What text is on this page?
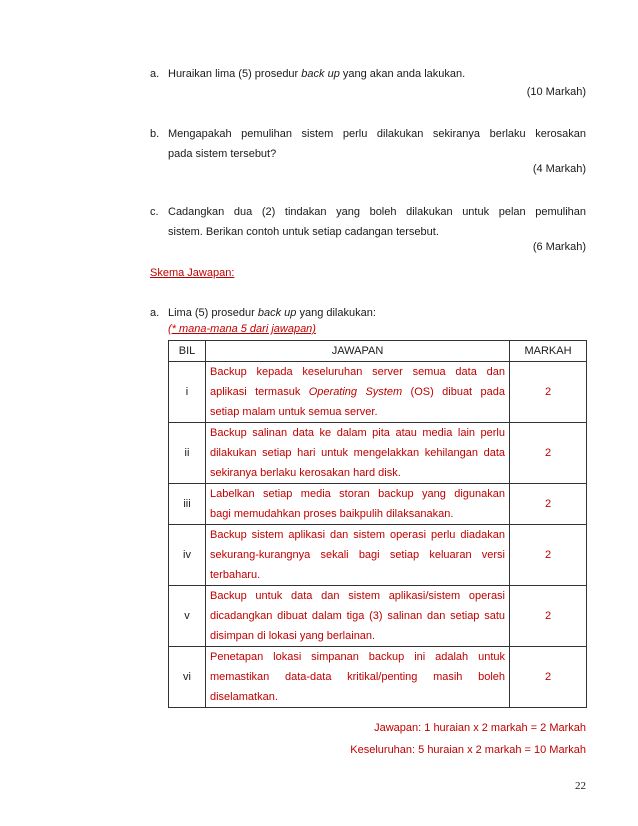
a. Huraikan lima (5) prosedur back up yang akan anda lakukan.
(10 Markah)
b. Mengapakah pemulihan sistem perlu dilakukan sekiranya berlaku kerosakan
pada sistem tersebut?
(4 Markah)
c. Cadangkan dua (2) tindakan yang boleh dilakukan untuk pelan pemulihan
sistem. Berikan contoh untuk setiap cadangan tersebut.
(6 Markah)
Skema Jawapan:
a. Lima (5) prosedur back up yang dilakukan:
(* mana-mana 5 dari jawapan)
BIL	JAWAPAN	MARKAH
i	Backup kepada keseluruhan server semua data dan
aplikasi termasuk Operating System (OS) dibuat pada
setiap malam untuk semua server.	2
ii	Backup salinan data ke dalam pita atau media lain perlu
dilakukan setiap hari untuk mengelakkan kehilangan data
sekiranya berlaku kerosakan hard disk.	2
iii	Labelkan setiap media storan backup yang digunakan
bagi memudahkan proses baikpulih dilaksanakan.	2
iv	Backup sistem aplikasi dan sistem operasi perlu diadakan
sekurang-kurangnya sekali bagi setiap keluaran versi
terbaharu.	2
v	Backup untuk data dan sistem aplikasi/sistem operasi
dicadangkan dibuat dalam tiga (3) salinan dan setiap satu
disimpan di lokasi yang berlainan.	2
vi	Penetapan lokasi simpanan backup ini adalah untuk
memastikan data-data kritikal/penting masih boleh
diselamatkan.	2
Jawapan: 1 huraian x 2 markah = 2 Markah
Keseluruhan: 5 huraian x 2 markah = 10 Markah
22
